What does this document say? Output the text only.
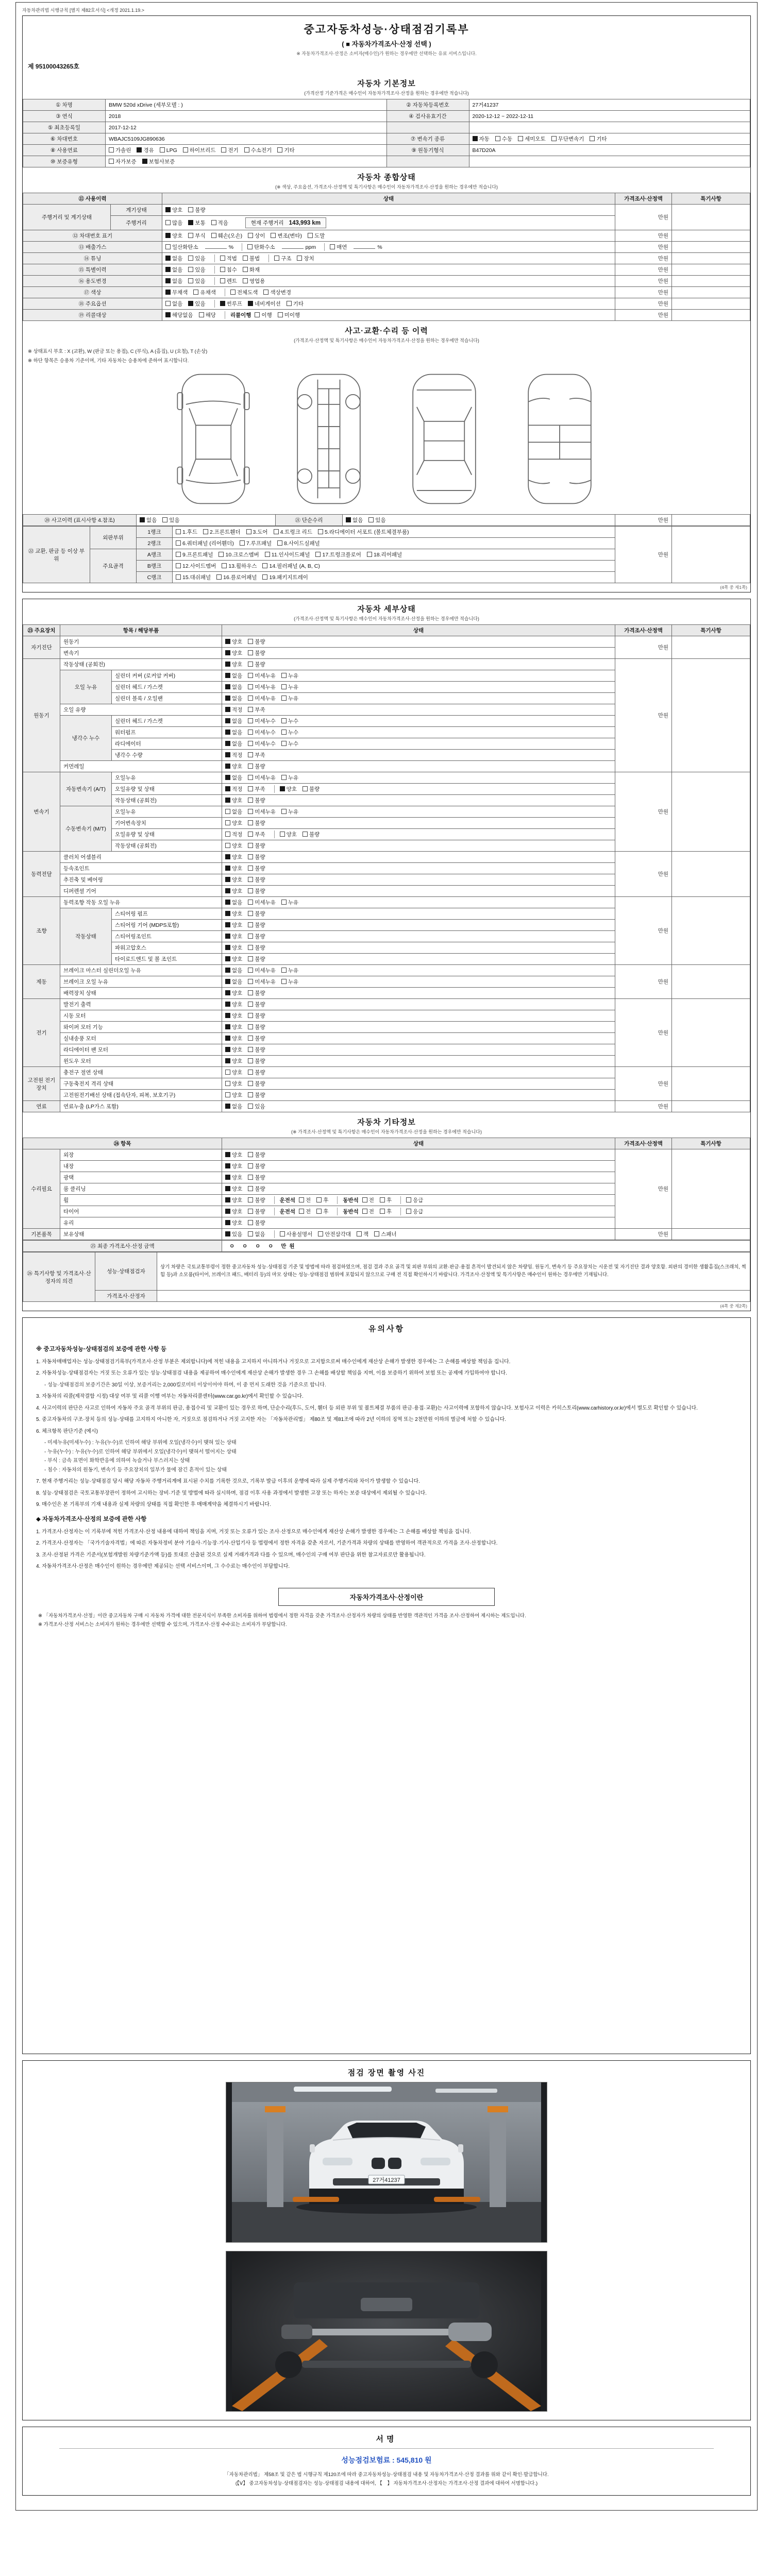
자동차관리법 시행규칙 [별지 제82호서식] <개정 2021.1.19.>
중고자동차성능·상태점검기록부
( ■ 자동차가격조사·산정 선택 )
※ 자동차가격조사·산정은 소비자(매수인)가 원하는 경우에만 선택하는 유료 서비스입니다.
제 95100043265호
자동차 기본정보
(가격산정 기준가격은 매수인이 자동차가격조사·산정을 원하는 경우에만 적습니다)
① 차명	BMW 520d xDrive (세부모델 : )	② 자동차등록번호	27거41237
③ 연식	2018	④ 검사유효기간	2020-12-12 ~ 2022-12-11
⑤ 최초등록일	2017-12-12		
⑥ 차대번호	WBAJC5109JG890636	⑦ 변속기 종류	자동 수동 세미오토 무단변속기 기타
⑧ 사용연료	가솔린 경유 LPG 하이브리드 전기 수소전기 기타	⑨ 원동기형식	B47D20A
⑩ 보증유형	자가보증 보험사보증		
자동차 종합상태
(※ 색상, 주요옵션, 가격조사·산정액 및 특기사항은 매수인이 자동차가격조사·산정을 원하는 경우에만 적습니다)
⑪ 사용이력		상태	가격조사·산정액	특기사항
주행거리 및 계기상태	계기상태	양호 불량	만원	
	주행거리	많음 보통 적음 현재 주행거리 143,993 km		
⑫ 차대번호 표기		양호 부식 훼손(오손) 상이 변조(변타) 도말	만원	
⑬ 배출가스		일산화탄소 % 탄화수소 ppm 매연 %	만원	
⑭ 튜닝		없음 있음 적법 불법 구조 장치	만원	
⑮ 특별이력		없음 있음 침수 화재	만원	
⑯ 용도변경		없음 있음 렌트 영업용	만원	
⑰ 색상		무채색 유채색 전체도색 색상변경	만원	
⑱ 주요옵션		없음 있음 썬루프 네비게이션 기타	만원	
⑲ 리콜대상		해당없음 해당 리콜이행 이행 미이행	만원	
사고·교환·수리 등 이력
(가격조사·산정액 및 특기사항은 매수인이 자동차가격조사·산정을 원하는 경우에만 적습니다)
※ 상태표시 부호 : X (교환), W (판금 또는 용접), C (부식), A (흠집), U (요철), T (손상)
※ 하단 항목은 승용차 기준이며, 기타 자동차는 승용차에 준하여 표시합니다.
⑳ 사고이력 (표시사항 4.참조)	없음 있음	㉑ 단순수리	없음 있음	만원	
㉒ 교환, 판금 등 이상 부위	외판부위	1랭크	1.후드 2.프론트휀더 3.도어 4.트렁크 리드 5.라디에이터 서포트 (볼트체결부품)	만원	
		2랭크	6.쿼터패널 (리어휀더) 7.루프패널 8.사이드실패널		
	주요골격	A랭크	9.프론트패널 10.크로스멤버 11.인사이드패널 17.트렁크플로어 18.리어패널		
		B랭크	12.사이드멤버 13.휠하우스 14.필러패널 (A, B, C)		
		C랭크	15.대쉬패널 16.플로어패널 19.패키지트레이		
(4쪽 중 제1쪽)
자동차 세부상태
(가격조사·산정액 및 특기사항은 매수인이 자동차가격조사·산정을 원하는 경우에만 적습니다)
㉓ 주요장치	항목 / 해당부품		상태	가격조사·산정액	특기사항
자기진단	원동기		양호 불량	만원	
	변속기		양호 불량		
원동기	작동상태 (공회전)		양호 불량	만원	
	오일 누유	실린더 커버 (로커암 커버)	없음 미세누유 누유		
		실린더 헤드 / 가스켓	없음 미세누유 누유		
		실린더 블록 / 오일팬	없음 미세누유 누유		
	오일 유량		적정 부족		
	냉각수 누수	실린더 헤드 / 가스켓	없음 미세누수 누수		
		워터펌프	없음 미세누수 누수		
		라디에이터	없음 미세누수 누수		
		냉각수 수량	적정 부족		
	커먼레일		양호 불량		
변속기	자동변속기 (A/T)	오일누유	없음 미세누유 누유	만원	
		오일유량 및 상태	적정 부족 양호 불량		
		작동상태 (공회전)	양호 불량		
	수동변속기 (M/T)	오일누유	없음 미세누유 누유		
		기어변속장치	양호 불량		
		오일유량 및 상태	적정 부족 양호 불량		
		작동상태 (공회전)	양호 불량		
동력전달	클러치 어셈블리		양호 불량	만원	
	등속조인트		양호 불량		
	추진축 및 베어링		양호 불량		
	디퍼렌셜 기어		양호 불량		
조향	동력조향 작동 오일 누유		없음 미세누유 누유	만원	
	작동상태	스티어링 펌프	양호 불량		
		스티어링 기어 (MDPS포함)	양호 불량		
		스티어링조인트	양호 불량		
		파워고압호스	양호 불량		
		타이로드엔드 및 볼 조인트	양호 불량		
제동	브레이크 마스터 실린더오일 누유		없음 미세누유 누유	만원	
	브레이크 오일 누유		없음 미세누유 누유		
	배력장치 상태		양호 불량		
전기	발전기 출력		양호 불량	만원	
	시동 모터		양호 불량		
	와이퍼 모터 기능		양호 불량		
	실내송풍 모터		양호 불량		
	라디에이터 팬 모터		양호 불량		
	윈도우 모터		양호 불량		
고전원 전기장치	충전구 절연 상태		양호 불량	만원	
	구동축전지 격리 상태		양호 불량		
	고전원전기배선 상태 (접속단자, 피복, 보호기구)		양호 불량		
연료	연료누출 (LP가스 포함)		없음 있음	만원	
자동차 기타정보
(※ 가격조사·산정액 및 특기사항은 매수인이 자동차가격조사·산정을 원하는 경우에만 적습니다)
㉔ 항목		상태	가격조사·산정액	특기사항
수리필요	외장	양호 불량	만원	
	내장	양호 불량		
	광택	양호 불량		
	룸 클리닝	양호 불량		
	휠	양호 불량 운전석 전 후 동반석 전 후 응급		
	타이어	양호 불량 운전석 전 후 동반석 전 후 응급		
	유리	양호 불량		
기본품목	보유상태	있음 없음 사용설명서 안전삼각대 잭 스패너	만원	
㉕ 최종 가격조사·산정 금액	ㅇ ㅇ ㅇ ㅇ 만원
㉖ 특기사항 및 가격조사·산정자의 의견	성능·상태점검자	상기 차량은 국토교통부령이 정한 중고자동차 성능·상태점검 기준 및 방법에 따라 점검하였으며, 점검 결과 주요 골격 및 외판 부위의 교환·판금·용접 흔적이 발견되지 않은 차량임. 원동기, 변속기 등 주요장치는 시운전 및 자기진단 결과 양호함. 외판의 경미한 생활흠집(스크래치, 찍힘 등)과 소모품(타이어, 브레이크 패드, 배터리 등)의 마모 상태는 성능·상태점검 범위에 포함되지 않으므로 구매 전 직접 확인하시기 바랍니다. 가격조사·산정액 및 특기사항은 매수인이 원하는 경우에만 기재됩니다.
	가격조사·산정자	
(4쪽 중 제2쪽)
유의사항

※ 중고자동차성능·상태점검의 보증에 관한 사항 등

1. 자동차매매업자는 성능·상태점검기록부(가격조사·산정 부분은 제외합니다)에 적힌 내용을 고지하지 아니하거나 거짓으로 고지함으로써 매수인에게 재산상 손해가 발생한 경우에는 그 손해를 배상할 책임을 집니다.

2. 자동차성능·상태점검자는 거짓 또는 오류가 있는 성능·상태점검 내용을 제공하여 매수인에게 재산상 손해가 발생한 경우 그 손해를 배상할 책임을 지며, 이를 보증하기 위하여 보험 또는 공제에 가입하여야 합니다.

- 성능·상태점검의 보증기간은 30일 이상, 보증거리는 2,000킬로미터 이상이어야 하며, 이 중 먼저 도래한 것을 기준으로 합니다.

3. 자동차의 리콜(제작결함 시정) 대상 여부 및 리콜 이행 여부는 자동차리콜센터(www.car.go.kr)에서 확인할 수 있습니다.

4. 사고이력의 판단은 사고로 인하여 자동차 주요 골격 부위의 판금, 용접수리 및 교환이 있는 경우로 하며, 단순수리(후드, 도어, 휀더 등 외판 부위 및 볼트체결 부품의 판금·용접·교환)는 사고이력에 포함하지 않습니다. 보험사고 이력은 카히스토리(www.carhistory.or.kr)에서 별도로 확인할 수 있습니다.

5. 중고자동차의 구조·장치 등의 성능·상태를 고지하지 아니한 자, 거짓으로 점검하거나 거짓 고지한 자는 「자동차관리법」 제80조 및 제81조에 따라 2년 이하의 징역 또는 2천만원 이하의 벌금에 처할 수 있습니다.

6. 체크항목 판단기준 (예시)

- 미세누유(미세누수) : 누유(누수)로 인하여 해당 부위에 오일(냉각수)이 맺혀 있는 상태

- 누유(누수) : 누유(누수)로 인하여 해당 부위에서 오일(냉각수)이 맺혀서 떨어지는 상태

- 부식 : 금속 표면이 화학반응에 의하여 녹슬거나 부스러지는 상태

- 침수 : 자동차의 원동기, 변속기 등 주요장치의 일부가 물에 잠긴 흔적이 있는 상태

7. 현재 주행거리는 성능·상태점검 당시 해당 자동차 주행거리계에 표시된 수치를 기록한 것으로, 기록부 발급 이후의 운행에 따라 실제 주행거리와 차이가 발생할 수 있습니다.

8. 성능·상태점검은 국토교통부장관이 정하여 고시하는 장비·기준 및 방법에 따라 실시하며, 점검 이후 사용 과정에서 발생한 고장 또는 하자는 보증 대상에서 제외될 수 있습니다.

9. 매수인은 본 기록부의 기재 내용과 실제 차량의 상태를 직접 확인한 후 매매계약을 체결하시기 바랍니다.

◆ 자동차가격조사·산정의 보증에 관한 사항

1. 가격조사·산정자는 이 기록부에 적힌 가격조사·산정 내용에 대하여 책임을 지며, 거짓 또는 오류가 있는 조사·산정으로 매수인에게 재산상 손해가 발생한 경우에는 그 손해를 배상할 책임을 집니다.

2. 가격조사·산정자는 「국가기술자격법」에 따른 자동차정비 분야 기술사·기능장·기사·산업기사 등 법령에서 정한 자격을 갖춘 자로서, 기준가격과 차량의 상태를 반영하여 객관적으로 가격을 조사·산정합니다.

3. 조사·산정된 가격은 기준서(보험개발원 차량기준가액 등)를 토대로 산출된 것으로 실제 거래가격과 다를 수 있으며, 매수인의 구매 여부 판단을 위한 참고자료로만 활용됩니다.

4. 자동차가격조사·산정은 매수인이 원하는 경우에만 제공되는 선택 서비스이며, 그 수수료는 매수인이 부담합니다.

자동차가격조사·산정이란

※ 「자동차가격조사·산정」이란 중고자동차 구매 시 자동차 가격에 대한 전문지식이 부족한 소비자를 위하여 법령에서 정한 자격을 갖춘 가격조사·산정자가 차량의 상태를 반영한 객관적인 가격을 조사·산정하여 제시하는 제도입니다.

※ 가격조사·산정 서비스는 소비자가 원하는 경우에만 선택할 수 있으며, 가격조사·산정 수수료는 소비자가 부담합니다.

점검 장면 촬영 사진
27거41237
서명
성능점검보험료 : 545,810 원
「자동차관리법」 제58조 및 같은 법 시행규칙 제120조에 따라 중고자동차성능·상태점검 내용 및 자동차가격조사·산정 결과를 위와 같이 확인·발급합니다.
(【Ⅴ】 중고자동차성능·상태점검자는 성능·상태점검 내용에 대하여, 【　】 자동차가격조사·산정자는 가격조사·산정 결과에 대하여 서명합니다.)
